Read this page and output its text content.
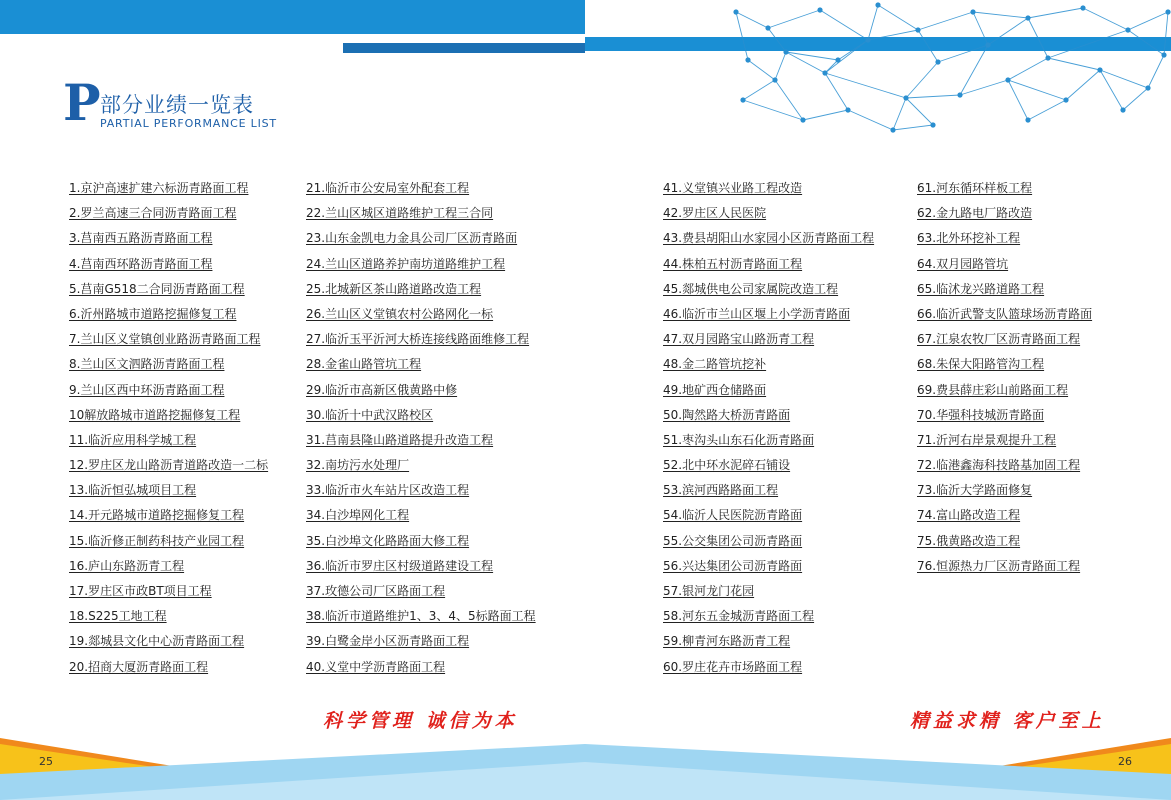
P 部分业绩一览表
PARTIAL PERFORMANCE LIST
1.京沪高速扩建六标沥青路面工程
2.罗兰高速三合同沥青路面工程
3.莒南西五路沥青路面工程
4.莒南西环路沥青路面工程
5.莒南G518二合同沥青路面工程
6.沂州路城市道路挖掘修复工程
7.兰山区义堂镇创业路沥青路面工程
8.兰山区文泗路沥青路面工程
9.兰山区西中环沥青路面工程
10解放路城市道路挖掘修复工程
11.临沂应用科学城工程
12.罗庄区龙山路沥青道路改造一二标
13.临沂恒弘城项目工程
14.开元路城市道路挖掘修复工程
15.临沂修正制药科技产业园工程
16.庐山东路沥青工程
17.罗庄区市政BT项目工程
18.S225工地工程
19.郯城县文化中心沥青路面工程
20.招商大厦沥青路面工程
21.临沂市公安局室外配套工程
22.兰山区城区道路维护工程三合同
23.山东金凯电力金具公司厂区沥青路面
24.兰山区道路养护南坊道路维护工程
25.北城新区茶山路道路改造工程
26.兰山区义堂镇农村公路网化一标
27.临沂玉平沂河大桥连接线路面维修工程
28.金雀山路管坑工程
29.临沂市高新区俄黄路中修
30.临沂十中武汉路校区
31.莒南县隆山路道路提升改造工程
32.南坊污水处理厂
33.临沂市火车站片区改造工程
34.白沙埠网化工程
35.白沙埠文化路路面大修工程
36.临沂市罗庄区村级道路建设工程
37.玫德公司厂区路面工程
38.临沂市道路维护1、3、4、5标路面工程
39.白鹭金岸小区沥青路面工程
40.义堂中学沥青路面工程
41.义堂镇兴业路工程改造
42.罗庄区人民医院
43.费县胡阳山水家园小区沥青路面工程
44.株柏五村沥青路面工程
45.郯城供电公司家属院改造工程
46.临沂市兰山区堰上小学沥青路面
47.双月园路宝山路沥青工程
48.金二路管坑挖补
49.地矿西仓储路面
50.陶然路大桥沥青路面
51.枣沟头山东石化沥青路面
52.北中环水泥碎石铺设
53.滨河西路路面工程
54.临沂人民医院沥青路面
55.公交集团公司沥青路面
56.兴达集团公司沥青路面
57.银河龙门花园
58.河东五金城沥青路面工程
59.柳青河东路沥青工程
60.罗庄花卉市场路面工程
61.河东循环样板工程
62.金九路电厂路改造
63.北外环挖补工程
64.双月园路管坑
65.临沭龙兴路道路工程
66.临沂武警支队篮球场沥青路面
67.江泉农牧厂区沥青路面工程
68.朱保大阳路管沟工程
69.费县薛庄彩山前路面工程
70.华强科技城沥青路面
71.沂河右岸景观提升工程
72.临港鑫海科技路基加固工程
73.临沂大学路面修复
74.富山路改造工程
75.俄黄路改造工程
76.恒源热力厂区沥青路面工程
科学管理 诚信为本	精益求精 客户至上
25	26
